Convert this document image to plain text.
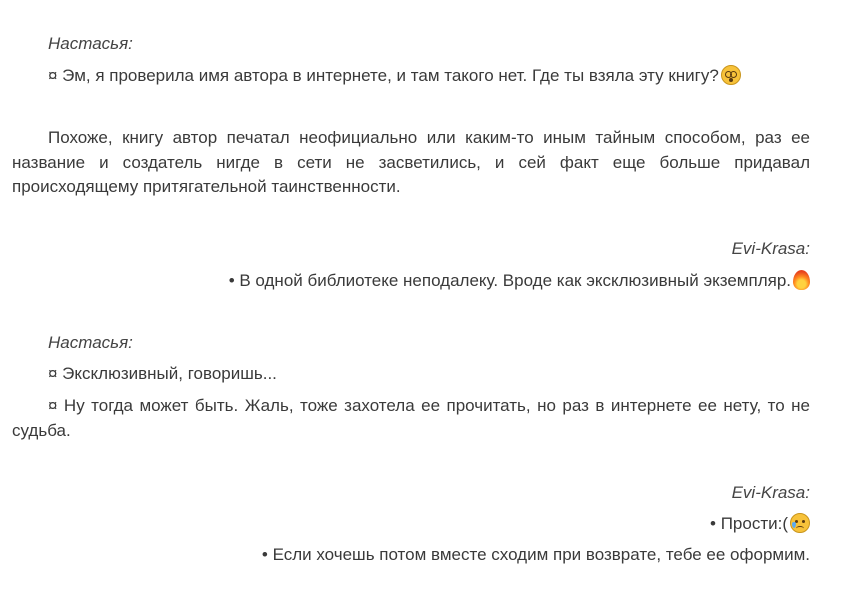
Настасья:
¤ Эм, я проверила имя автора в интернете, и там такого нет. Где ты взяла эту книгу?
Похоже, книгу автор печатал неофициально или каким-то иным тайным способом, раз ее название и создатель нигде в сети не засветились, и сей факт еще больше придавал происходящему притягательной таинственности.
Evi-Krasa:
• В одной библиотеке неподалеку. Вроде как эксклюзивный экземпляр.
Настасья:
¤ Эксклюзивный, говоришь...
¤ Ну тогда может быть. Жаль, тоже захотела ее прочитать, но раз в интернете ее нету, то не судьба.
Evi-Krasa:
• Прости:(
• Если хочешь потом вместе сходим при возврате, тебе ее оформим.
